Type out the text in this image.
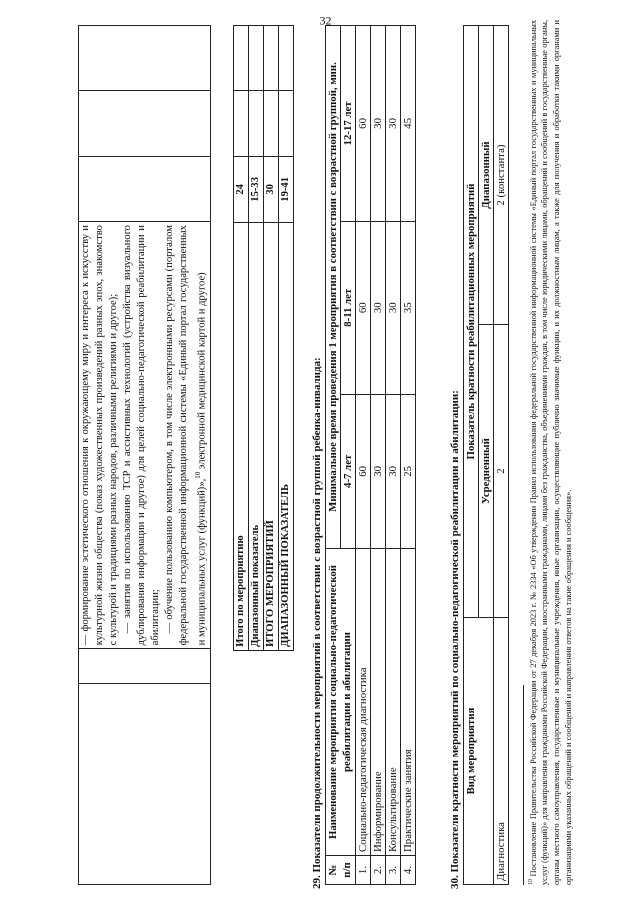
32

— формирование эстетического отношения к окружающему миру и интереса к искусству и культурной жизни общества (показ художественных произведений разных эпох, знакомство с культурой и традициями разных народов, различными религиями и другое); — занятия по использованию ТСР и ассистивных технологий (устройства визуального дублирования информации и другое) для целей социально-педагогической реабилитации и абилитации; — обучение пользованию компьютером, в том числе электронными ресурсами (порталом федеральной государственной информационной системы «Единый портал государственных и муниципальных услуг (функций)»,$^{10}$ электронной медицинской картой и другое)

		Итого по мероприятию	24		
		Диапазонный показатель	15-33		
		ИТОГО МЕРОПРИЯТИЙ	30		
		ДИАПАЗОННЫЙ ПОКАЗАТЕЛЬ	19-41		
29. Показатели продолжительности мероприятий в соответствии с возрастной группой ребенка-инвалида: № п/п	Наименование мероприятия социально-педагогической реабилитации и абилитации	Минимальное время проведения 1 мероприятия в соответствии с возрастной группой, мин.		
		4-7 лет	8-11 лет	12-17 лет
1.	Социально-педагогическая диагностика	60	60	60
2.	Информирование	30	30	30
3.	Консультирование	30	30	30
4.	Практические занятия	25	35	45
30. Показатели кратности мероприятий по социально-педагогической реабилитации и абилитации: Вид мероприятия	Показатель кратности реабилитационных мероприятий	
	Усредненный	Диапазонный
Диагностика	2	2 (константа)
$^{10}$ Постановление Правительства Российской Федерации от 27 декабря 2023 г. № 2334 «Об утверждении Правил использования федеральной государственной информационной системы «Единый портал государственных и муниципальных услуг (функций)» для направления гражданами Российской Федерации, иностранными гражданами, лицами без гражданства, объединениями граждан, в том числе юридическими лицами, обращений и сообщений в государственные органы, органы местного самоуправления, государственные и муниципальные учреждения, иные организации, осуществляющие публично значимые функции, и их должностным лицам, а также для получения и обработки такими органами и организациями указанных обращений и сообщений и направления ответов на такие обращения и сообщения».
